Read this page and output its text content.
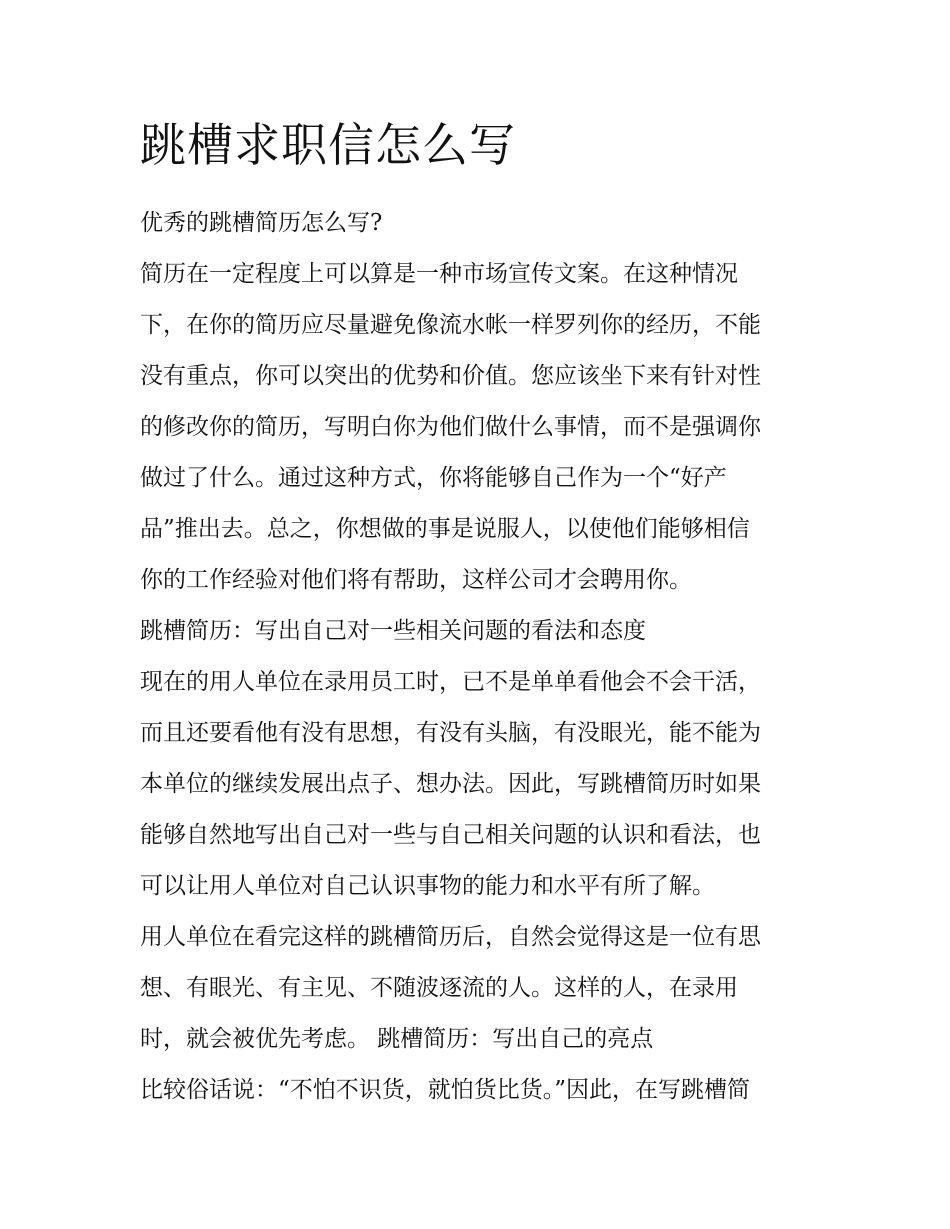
跳槽求职信怎么写
优秀的跳槽简历怎么写?
简历在一定程度上可以算是一种市场宣传文案。在这种情况
下，在你的简历应尽量避免像流水帐一样罗列你的经历，不能
没有重点，你可以突出的优势和价值。您应该坐下来有针对性
的修改你的简历，写明白你为他们做什么事情，而不是强调你
做过了什么。通过这种方式，你将能够自己作为一个“好产
品”推出去。总之，你想做的事是说服人，以使他们能够相信
你的工作经验对他们将有帮助，这样公司才会聘用你。
跳槽简历：写出自己对一些相关问题的看法和态度
现在的用人单位在录用员工时，已不是单单看他会不会干活，
而且还要看他有没有思想，有没有头脑，有没眼光，能不能为
本单位的继续发展出点子、想办法。因此，写跳槽简历时如果
能够自然地写出自己对一些与自己相关问题的认识和看法，也
可以让用人单位对自己认识事物的能力和水平有所了解。
用人单位在看完这样的跳槽简历后，自然会觉得这是一位有思
想、有眼光、有主见、不随波逐流的人。这样的人，在录用
时，就会被优先考虑。 跳槽简历：写出自己的亮点
比较俗话说：“不怕不识货，就怕货比货。”因此，在写跳槽简
